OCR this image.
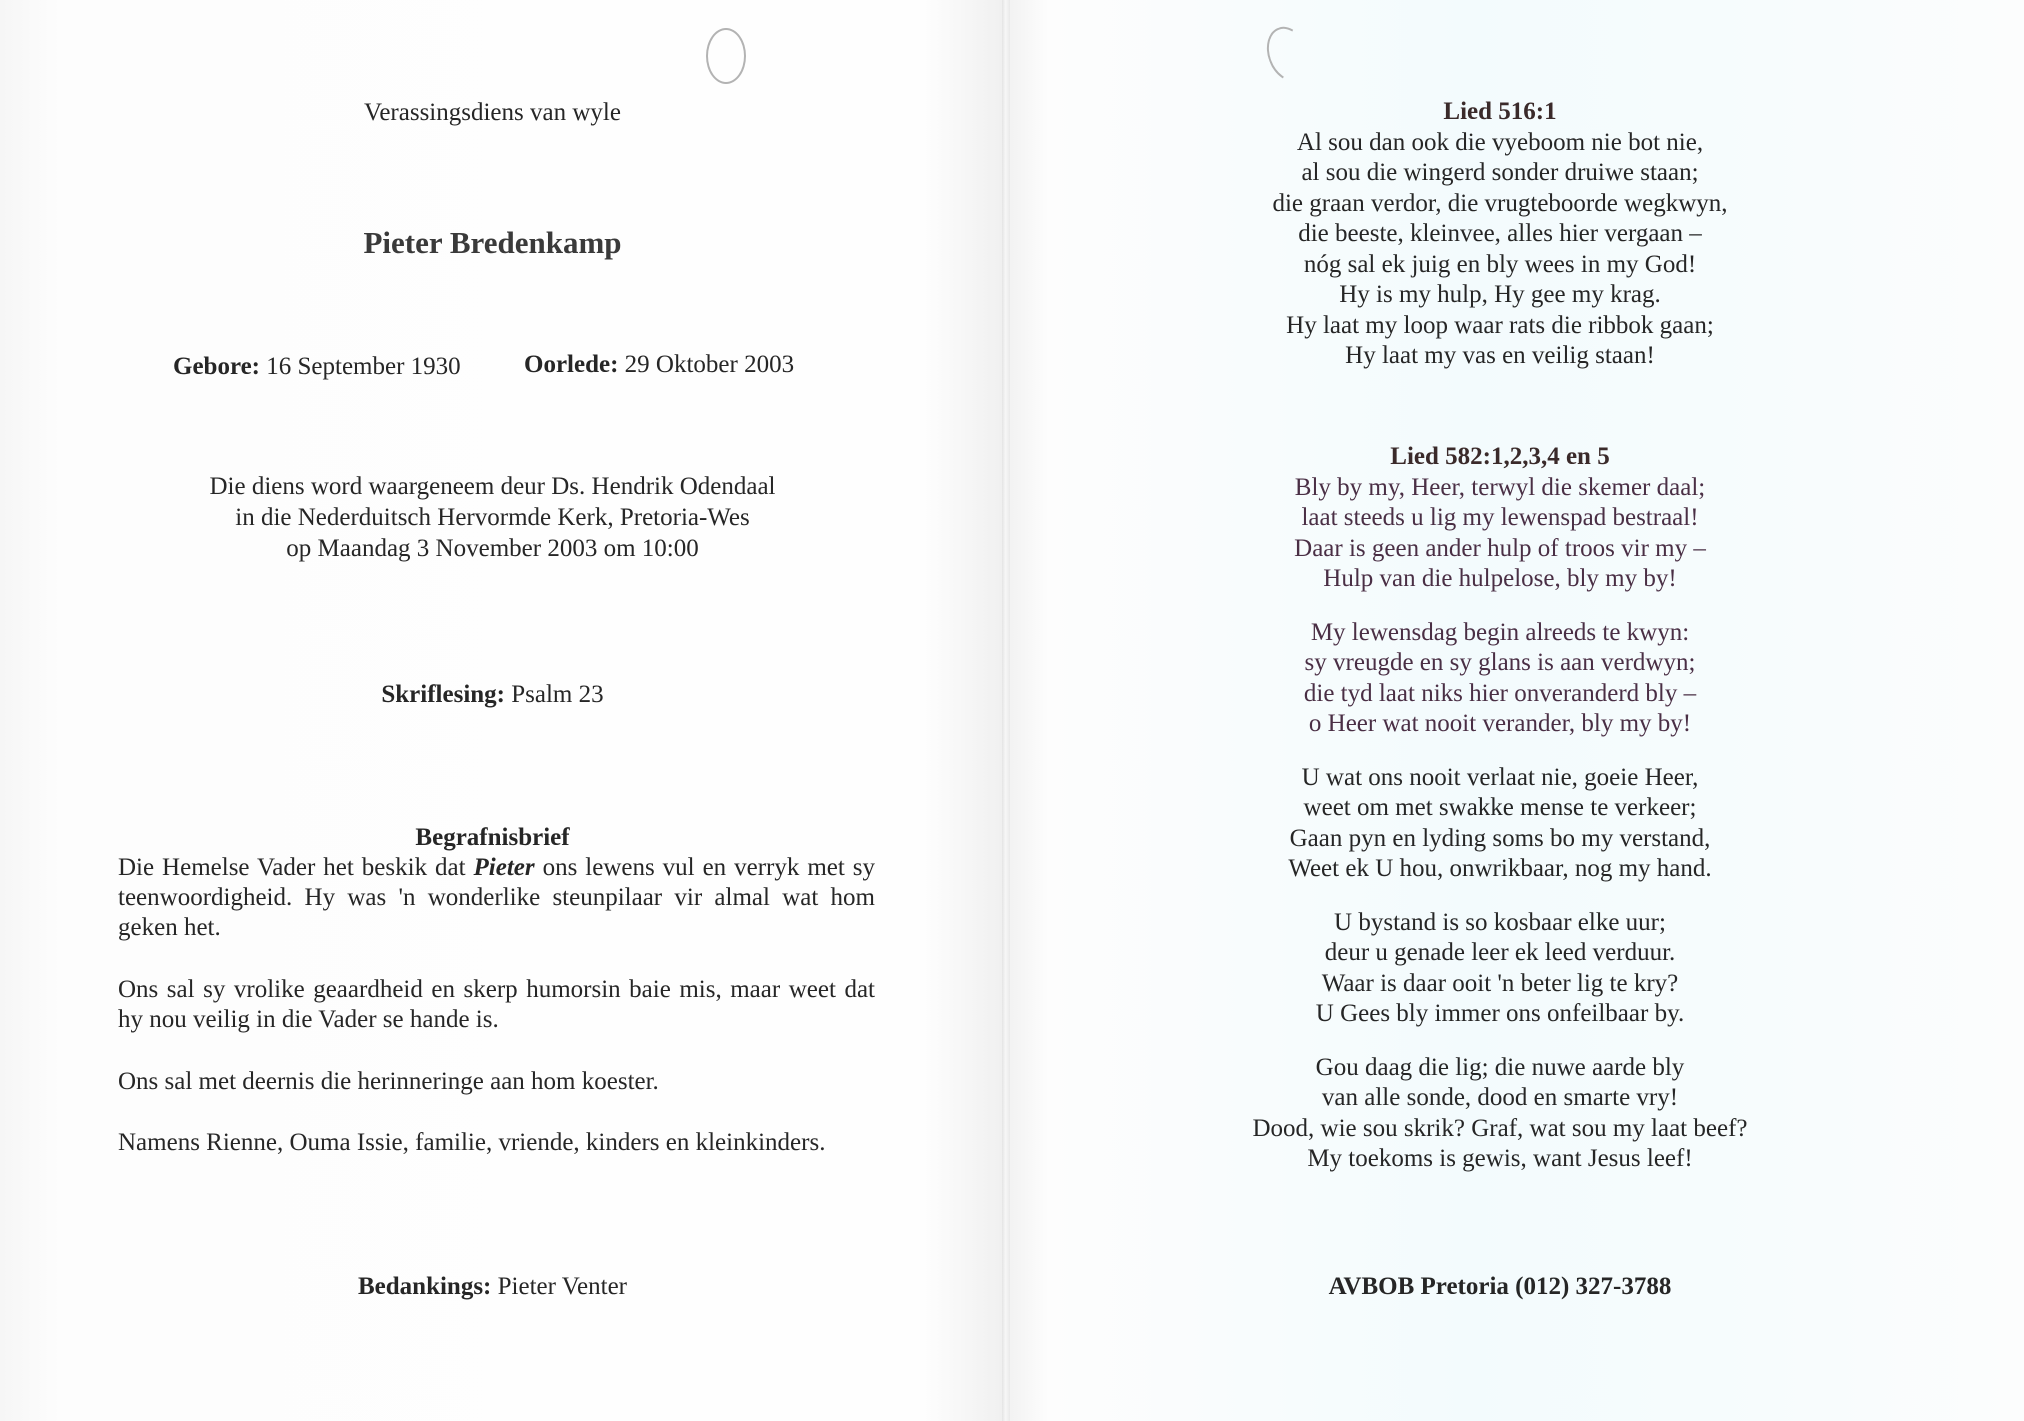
Verassingsdiens van wyle
Pieter Bredenkamp
Gebore: 16 September 1930	Oorlede: 29 Oktober 2003
Die diens word waargeneem deur Ds. Hendrik Odendaal
in die Nederduitsch Hervormde Kerk, Pretoria-Wes
op Maandag 3 November 2003 om 10:00
Skriflesing: Psalm 23
Begrafnisbrief

Die Hemelse Vader het beskik dat Pieter ons lewens vul en verryk met sy teenwoordigheid. Hy was 'n wonderlike steunpilaar vir almal wat hom geken het.

Ons sal sy vrolike geaardheid en skerp humorsin baie mis, maar weet dat hy nou veilig in die Vader se hande is.

Ons sal met deernis die herinneringe aan hom koester.

Namens Rienne, Ouma Issie, familie, vriende, kinders en kleinkinders.

Bedankings: Pieter Venter
Lied 516:1
Al sou dan ook die vyeboom nie bot nie,
al sou die wingerd sonder druiwe staan;
die graan verdor, die vrugteboorde wegkwyn,
die beeste, kleinvee, alles hier vergaan –
nóg sal ek juig en bly wees in my God!
Hy is my hulp, Hy gee my krag.
Hy laat my loop waar rats die ribbok gaan;
Hy laat my vas en veilig staan!
Lied 582:1,2,3,4 en 5
Bly by my, Heer, terwyl die skemer daal;
laat steeds u lig my lewenspad bestraal!
Daar is geen ander hulp of troos vir my –
Hulp van die hulpelose, bly my by!
My lewensdag begin alreeds te kwyn:
sy vreugde en sy glans is aan verdwyn;
die tyd laat niks hier onveranderd bly –
o Heer wat nooit verander, bly my by!
U wat ons nooit verlaat nie, goeie Heer,
weet om met swakke mense te verkeer;
Gaan pyn en lyding soms bo my verstand,
Weet ek U hou, onwrikbaar, nog my hand.
U bystand is so kosbaar elke uur;
deur u genade leer ek leed verduur.
Waar is daar ooit 'n beter lig te kry?
U Gees bly immer ons onfeilbaar by.
Gou daag die lig; die nuwe aarde bly
van alle sonde, dood en smarte vry!
Dood, wie sou skrik? Graf, wat sou my laat beef?
My toekoms is gewis, want Jesus leef!
AVBOB Pretoria (012) 327-3788
